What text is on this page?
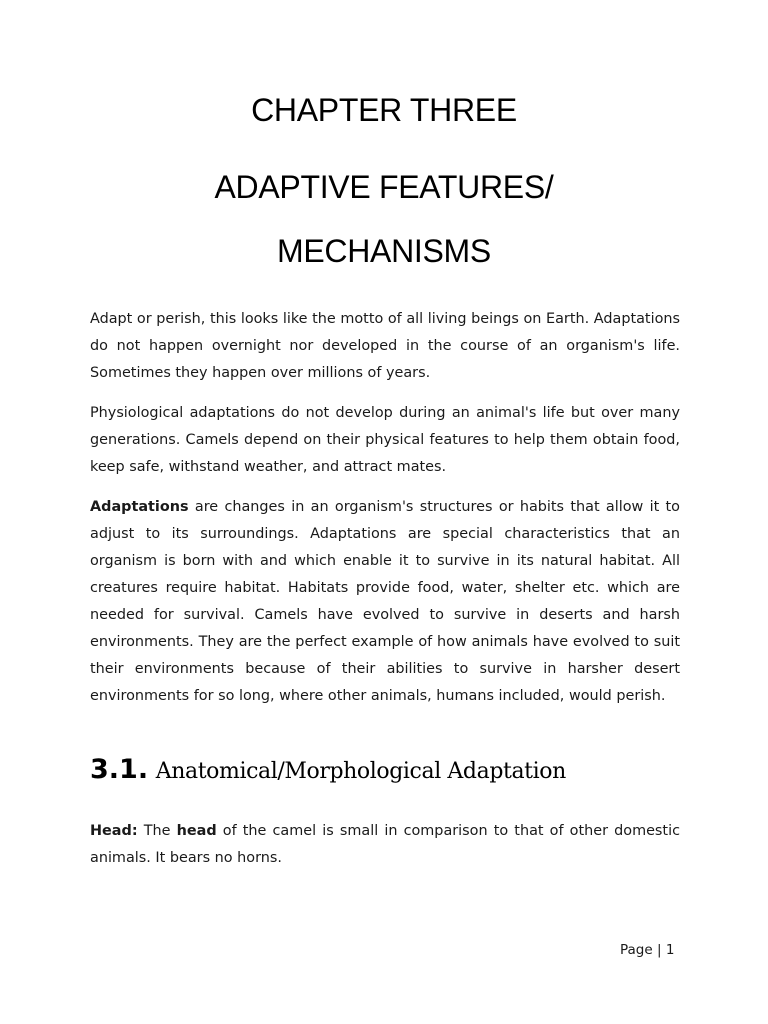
CHAPTER THREE
ADAPTIVE FEATURES/
MECHANISMS

Adapt or perish, this looks like the motto of all living beings on Earth. Adaptations do not happen overnight nor developed in the course of an organism's life. Sometimes they happen over millions of years.

Physiological adaptations do not develop during an animal's life but over many generations. Camels depend on their physical features to help them obtain food, keep safe, withstand weather, and attract mates.

Adaptations are changes in an organism's structures or habits that allow it to adjust to its surroundings. Adaptations are special characteristics that an organism is born with and which enable it to survive in its natural habitat. All creatures require habitat. Habitats provide food, water, shelter etc. which are needed for survival. Camels have evolved to survive in deserts and harsh environments. They are the perfect example of how animals have evolved to suit their environments because of their abilities to survive in harsher desert environments for so long, where other animals, humans included, would perish.

3.1. Anatomical/Morphological Adaptation

Head: The head of the camel is small in comparison to that of other domestic animals. It bears no horns.

Page | 1
